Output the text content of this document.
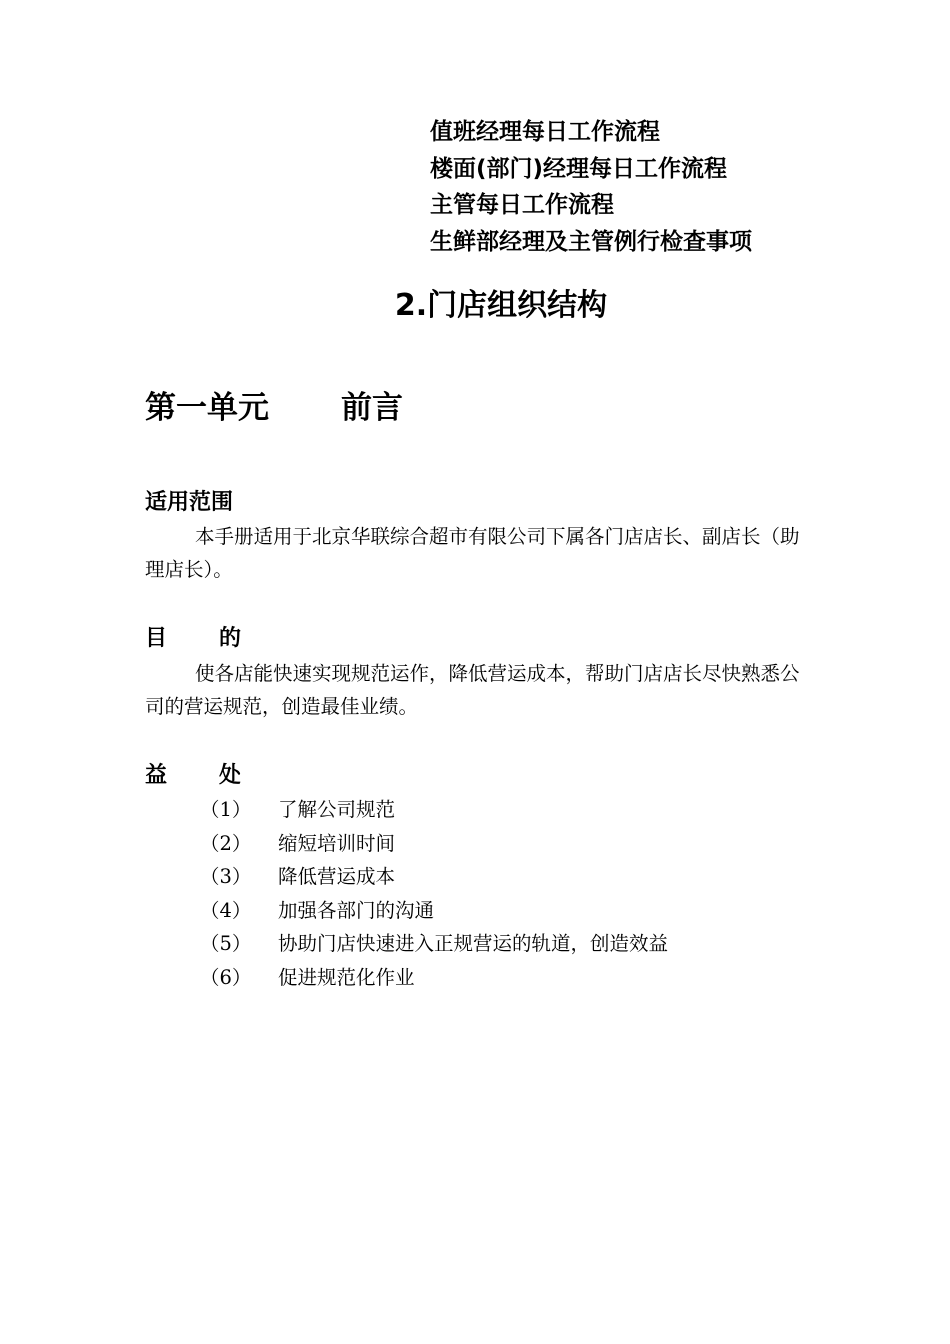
值班经理每日工作流程
楼面(部门)经理每日工作流程
主管每日工作流程
生鲜部经理及主管例行检查事项
2.门店组织结构
第一单元 前言
适用范围

本手册适用于北京华联综合超市有限公司下属各门店店长、副店长（助理店长）。

目 的

使各店能快速实现规范运作，降低营运成本，帮助门店店长尽快熟悉公司的营运规范，创造最佳业绩。

益 处
（1） 了解公司规范
（2） 缩短培训时间
（3） 降低营运成本
（4） 加强各部门的沟通
（5） 协助门店快速进入正规营运的轨道，创造效益
（6） 促进规范化作业
